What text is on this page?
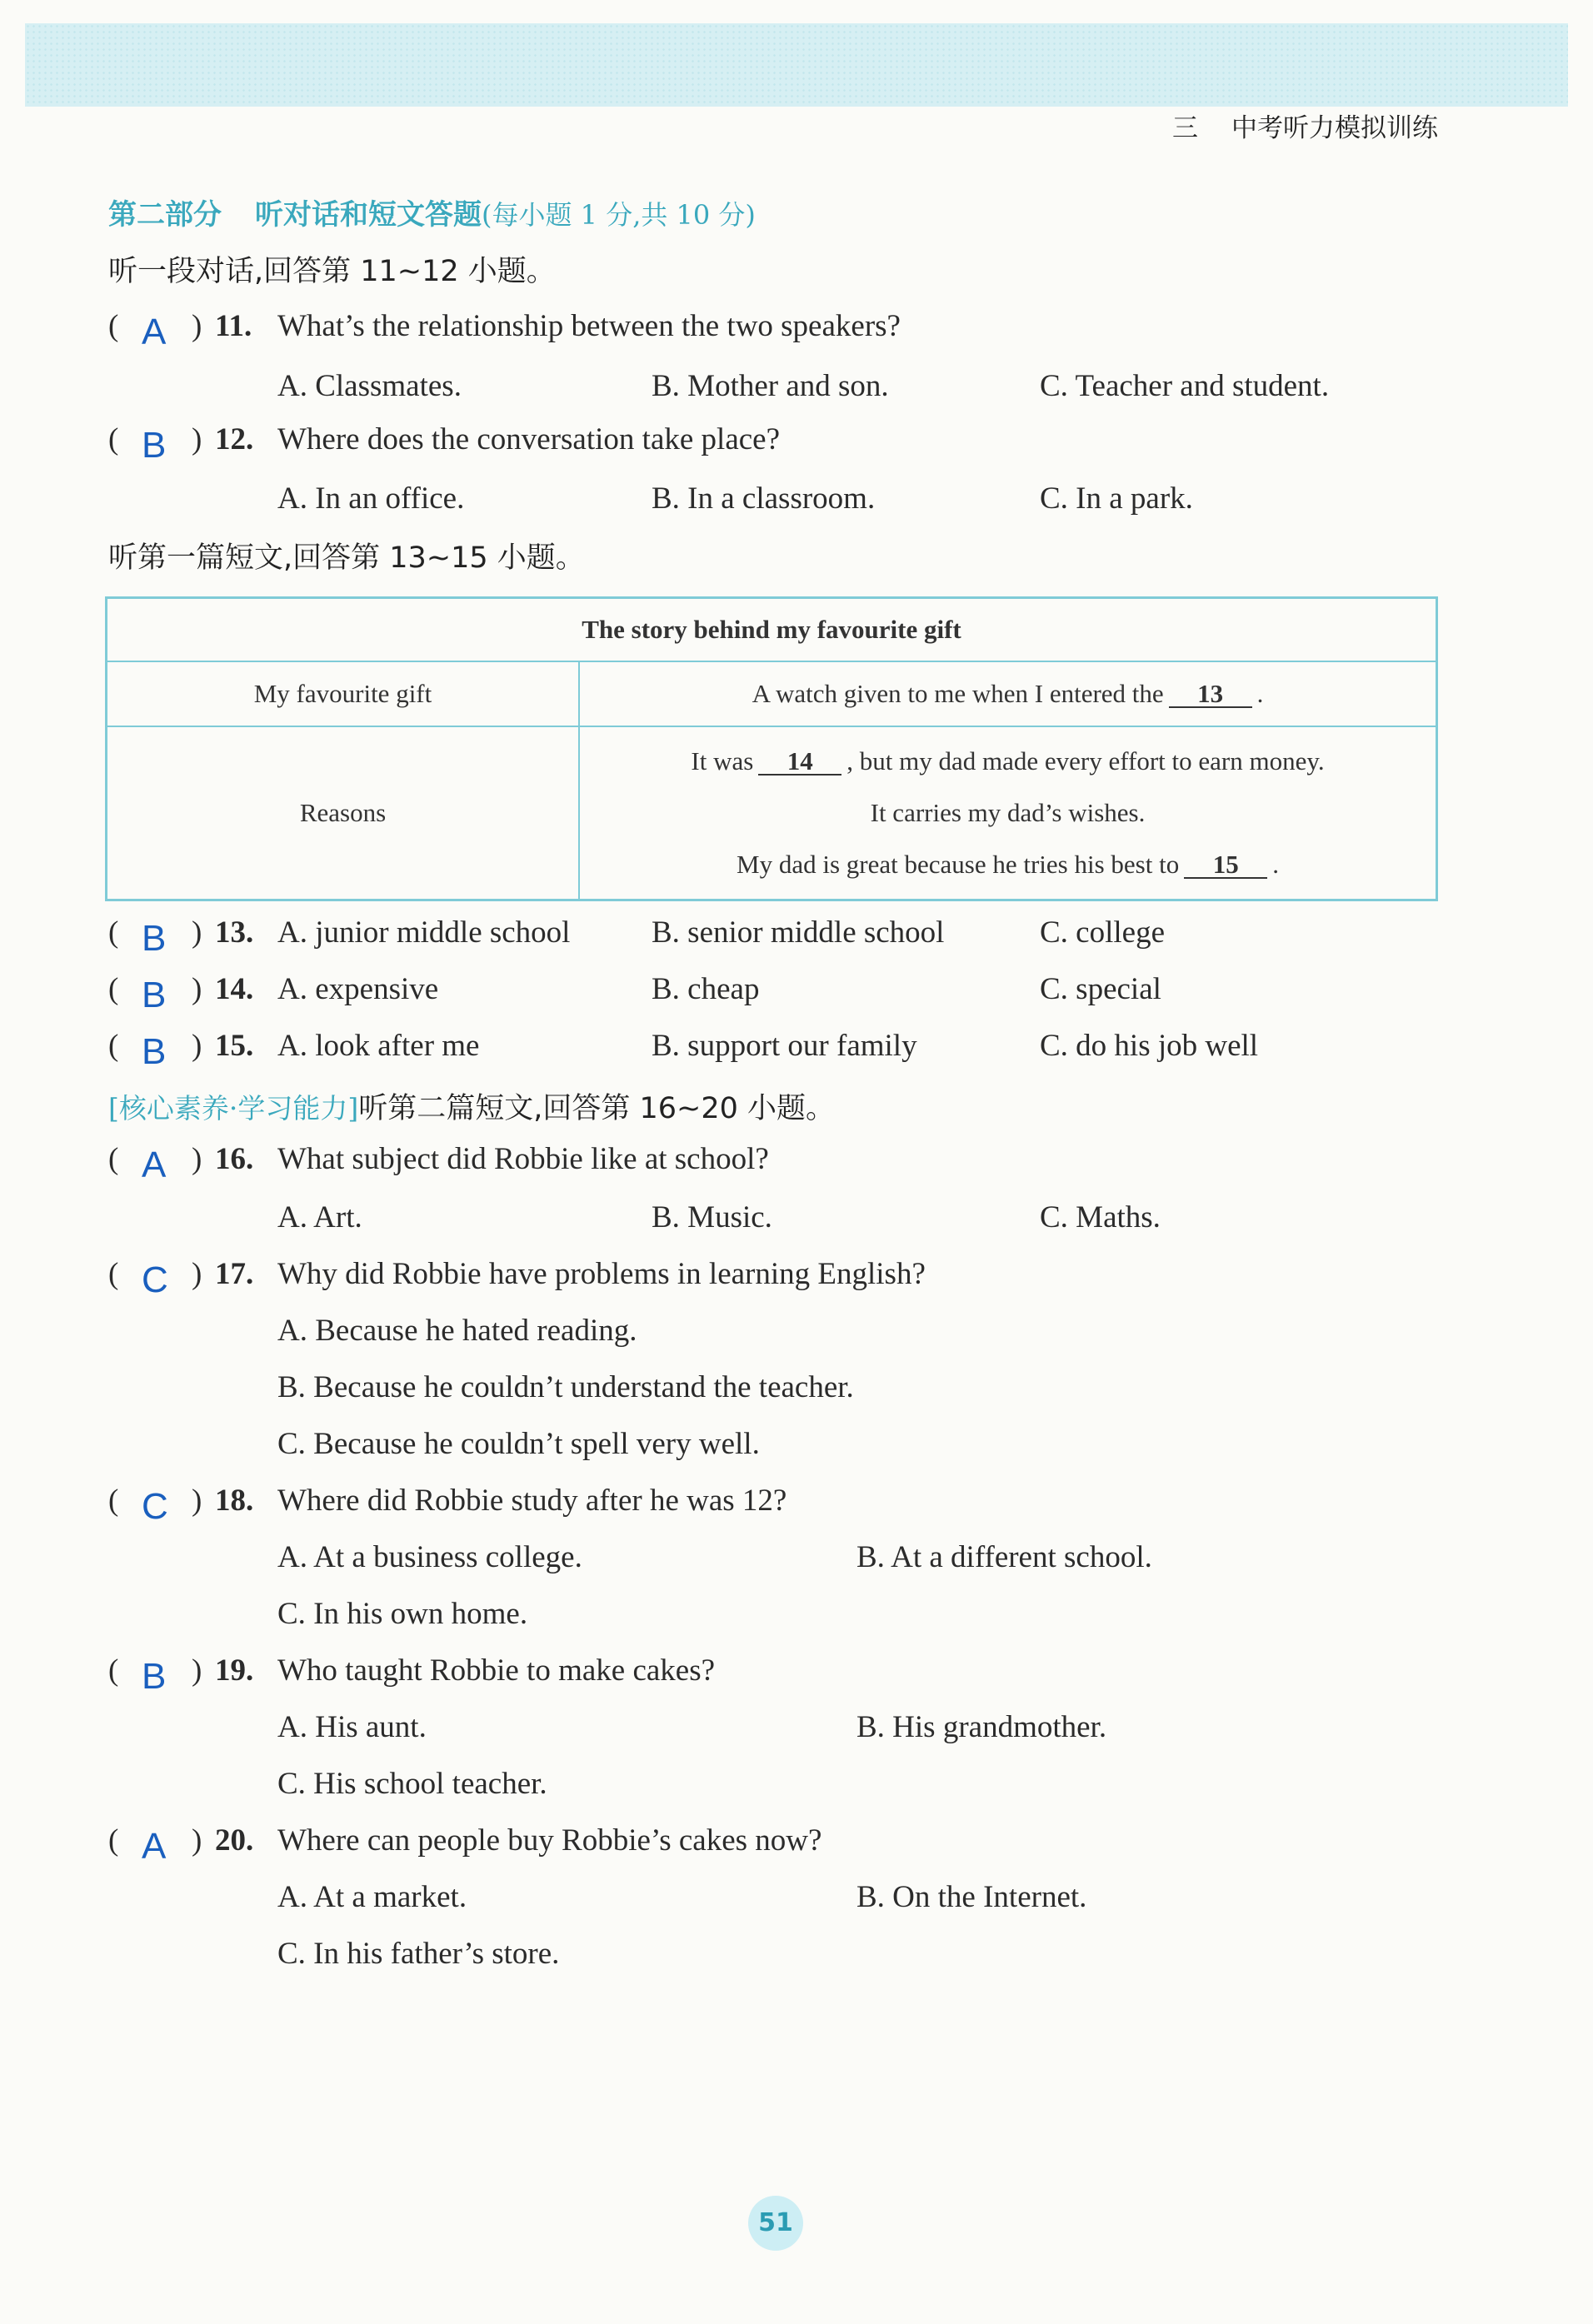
三 中考听力模拟训练
第二部分 听对话和短文答题(每小题 1 分,共 10 分)
听一段对话,回答第 11~12 小题。
( A ) 11. What’s the relationship between the two speakers?
A. Classmates.	B. Mother and son.	C. Teacher and student.
( B ) 12. Where does the conversation take place?
A. In an office.	B. In a classroom.	C. In a park.
听第一篇短文,回答第 13~15 小题。
The story behind my favourite gift	
My favourite gift	A watch given to me when I entered the 13 .
Reasons	It was 14 , but my dad made every effort to earn money.
It carries my dad’s wishes.
My dad is great because he tries his best to 15 .
( B ) 13. A. junior middle school	B. senior middle school	C. college
( B ) 14. A. expensive	B. cheap	C. special
( B ) 15. A. look after me	B. support our family	C. do his job well
[核心素养·学习能力]听第二篇短文,回答第 16~20 小题。
( A ) 16. What subject did Robbie like at school?
A. Art.	B. Music.	C. Maths.
( C ) 17. Why did Robbie have problems in learning English?
A. Because he hated reading.
B. Because he couldn’t understand the teacher.
C. Because he couldn’t spell very well.
( C ) 18. Where did Robbie study after he was 12?
A. At a business college.	B. At a different school.
C. In his own home.
( B ) 19. Who taught Robbie to make cakes?
A. His aunt.	B. His grandmother.
C. His school teacher.
( A ) 20. Where can people buy Robbie’s cakes now?
A. At a market.	B. On the Internet.
C. In his father’s store.
51
